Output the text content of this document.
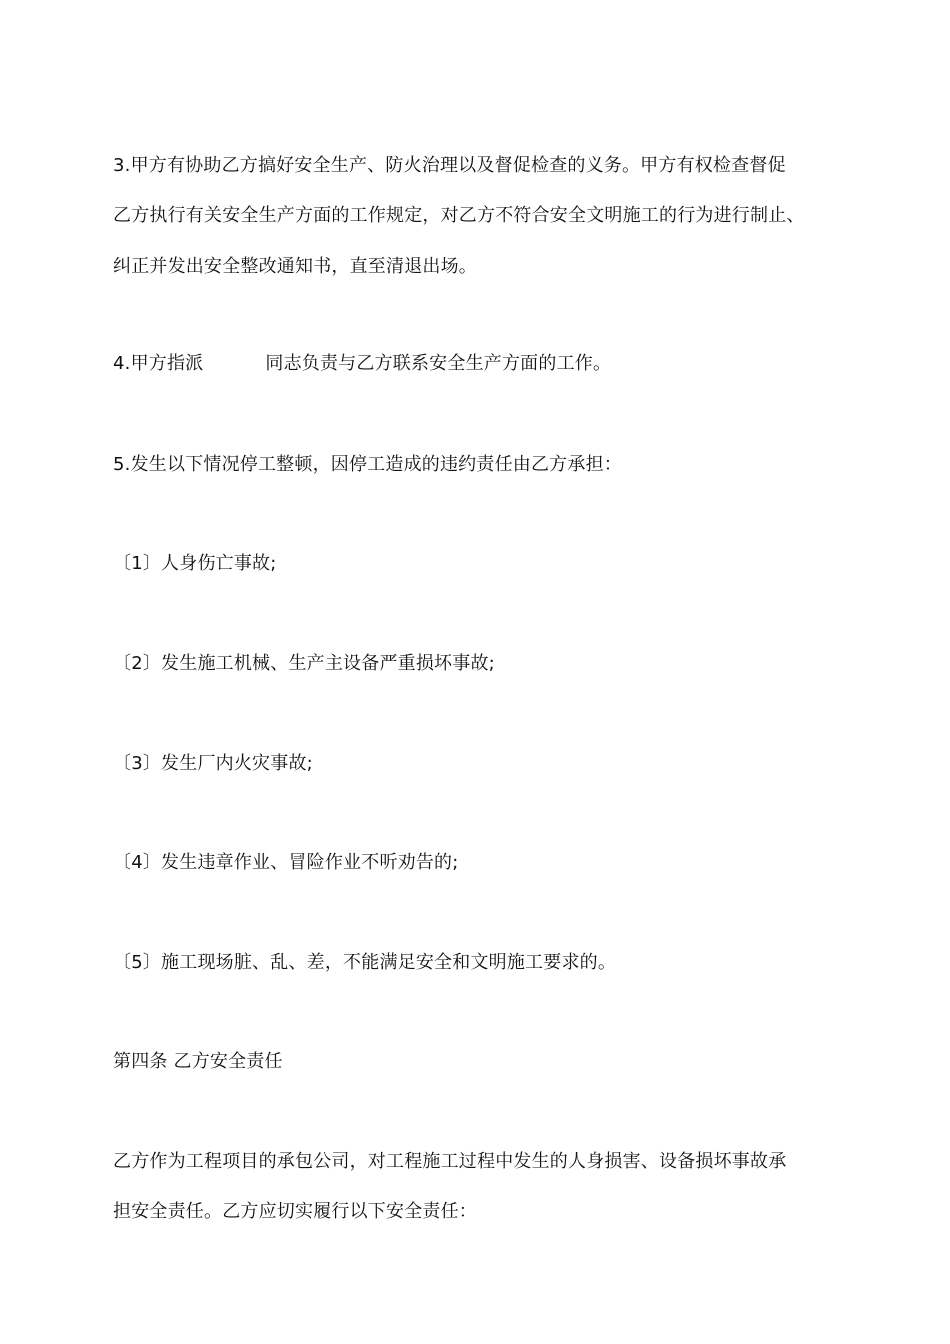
3.甲方有协助乙方搞好安全生产、防火治理以及督促检查的义务。甲方有权检查督促

乙方执行有关安全生产方面的工作规定，对乙方不符合安全文明施工的行为进行制止、

纠正并发出安全整改通知书，直至清退出场。

4.甲方指派	同志负责与乙方联系安全生产方面的工作。

5.发生以下情况停工整顿，因停工造成的违约责任由乙方承担：

〔1〕人身伤亡事故;

〔2〕发生施工机械、生产主设备严重损坏事故;

〔3〕发生厂内火灾事故;

〔4〕发生违章作业、冒险作业不听劝告的;

〔5〕施工现场脏、乱、差，不能满足安全和文明施工要求的。

第四条 乙方安全责任

乙方作为工程项目的承包公司，对工程施工过程中发生的人身损害、设备损坏事故承

担安全责任。乙方应切实履行以下安全责任：
